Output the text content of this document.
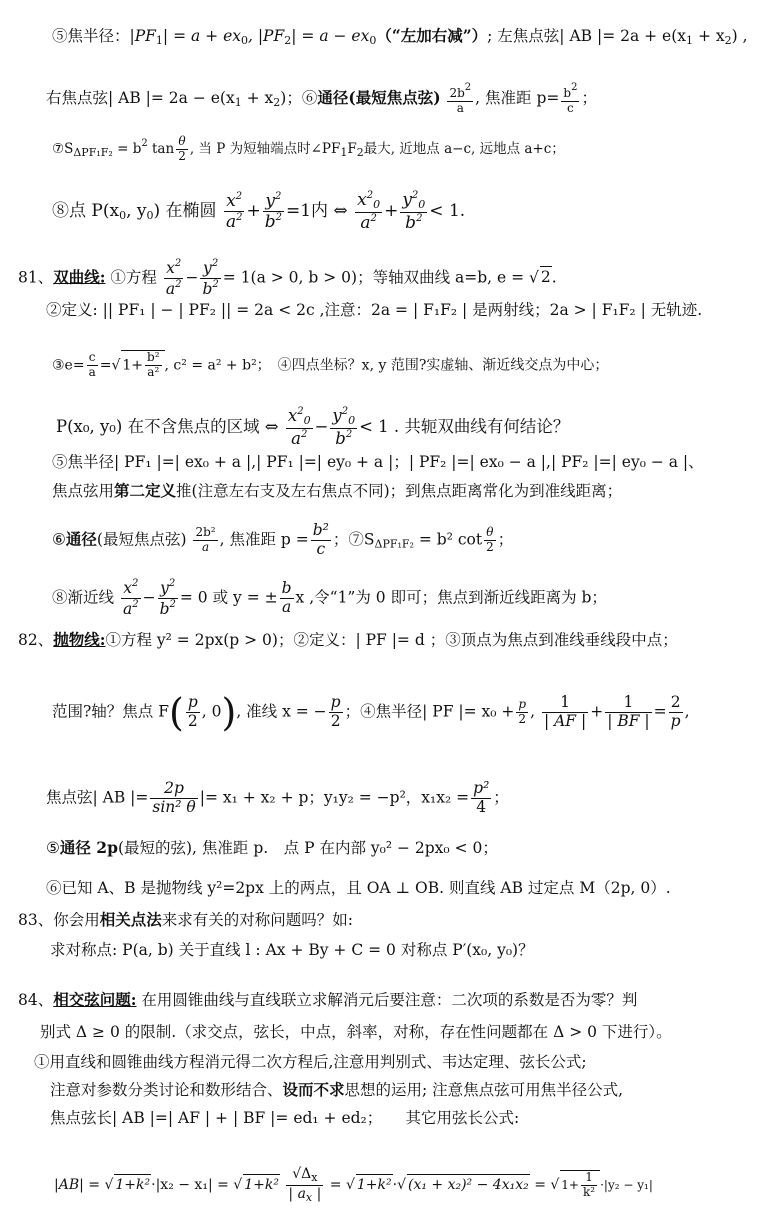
⑤焦半径：|PF1| = a + ex0, |PF2| = a − ex0（“左加右减”）; 左焦点弦| AB |= 2a + e(x1 + x2) ,
右焦点弦| AB |= 2a − e(x1 + x2)；⑥通径(最短焦点弦) $\frac{2b^2}{a}$ , 焦准距 $p= \frac{b^2}{c}$ ；
$⑦S_{\Delta PF_1F_2} = b^2$ $\tan \frac{\theta}{2}$ , 当 P 为短轴端点时$\angle PF_1F_2$最大, 近地点 a−c, 远地点 a+c；
⑧点 P(x0, y0) 在椭圆 $\frac{x^2}{a^2} + \frac{y^2}{b^2} =1$内 ⇔ $\frac{x^20}{a^2} + \frac{y^20}{b^2} < 1$.
81、双曲线: ①方程 $\frac{x^2}{a^2} - \frac{y^2}{b^2} = 1(a > 0$, b > 0)；等轴双曲线 a=b, e = √ 2.
②定义: || PF₁ | − | PF₂ || = 2a < 2c ,注意：2a = | F₁F₂ | 是两射线；2a > | F₁F₂ | 无轨迹.
③e= $\frac{c}{a}$ =√ $1+ \frac{\text{b²}}{\text{a²}}$ , c² = a² + b²；　④四点坐标？x, y 范围?实虚轴、渐近线交点为中心；
P(x₀, y₀) 在不含焦点的区域 ⇔ $\frac{x^20}{a^2} - \frac{y^20}{b^2} < 1$ . 共轭双曲线有何结论？
⑤焦半径| PF₁ |=| ex₀ + a |,| PF₁ |=| ey₀ + a |；| PF₂ |=| ex₀ − a |,| PF₂ |=| ey₀ − a |、
焦点弦用第二定义推(注意左右支及左右焦点不同)；到焦点距离常化为到准线距离；
⑥通径(最短焦点弦) $\frac{\text{2b²}}{a}$ , 焦准距 $p = \frac{\text{b²}}{c}$ ；⑦SΔPF₁F₂ = b² $\cot \frac{\theta}{2}$ ；
⑧渐近线 $\frac{x^2}{a^2} - \frac{y^2}{b^2} = 0$ 或 y = ± $\frac{b}{a}$ x ,令“1”为 0 即可；焦点到渐近线距离为 b；
82、抛物线:①方程 y² = 2px(p > 0)；②定义：| PF |= d ；③顶点为焦点到准线垂线段中点；
范围?轴？焦点 $F( \frac{p}{2}$ , 0), 准线 x = − $\frac{p}{2}$ ；④焦半径| PF |= $x_0 + \frac{p}{2}$ , $\frac{1}{| AF |} + \frac{1}{| BF |} = \frac{2}{p}$ ,
焦点弦| AB |= $\frac{2p}{\text{sin² θ}}$ |= x₁ + x₂ + p；y₁y₂ = −p²，$x_1x_2 = \frac{\text{p²}}{4}$ ；
⑤通径 2p(最短的弦), 焦准距 p.　点 P 在内部 y₀² − 2px₀ < 0；
⑥已知 A、B 是抛物线 y²=2px 上的两点，且 OA ⊥ OB. 则直线 AB 过定点 M（2p, 0）.
83、你会用相关点法来求有关的对称问题吗？如:
求对称点: P(a, b) 关于直线 l : Ax + By + C = 0 对称点 P′(x₀, y₀)？
84、相交弦问题: 在用圆锥曲线与直线联立求解消元后要注意：二次项的系数是否为零？判
别式 Δ ≥ 0 的限制.（求交点，弦长，中点，斜率，对称，存在性问题都在 Δ > 0 下进行）。
①用直线和圆锥曲线方程消元得二次方程后,注意用判别式、韦达定理、弦长公式;
注意对参数分类讨论和数形结合、设而不求思想的运用; 注意焦点弦可用焦半径公式,
焦点弦长| AB |=| AF | + | BF |= ed₁ + ed₂；　　其它用弦长公式:
|AB| = √ 1+k²·|x₂ − x₁| = √ $1+k^2 \frac{√\Delta_x}{| a_x |}$ = √ 1+k²·√ (x₁ + x₂)² − 4x₁x₂ = √ $1+ \frac{1}{\text{k²}} \cdot|y_2 - y_1|$
